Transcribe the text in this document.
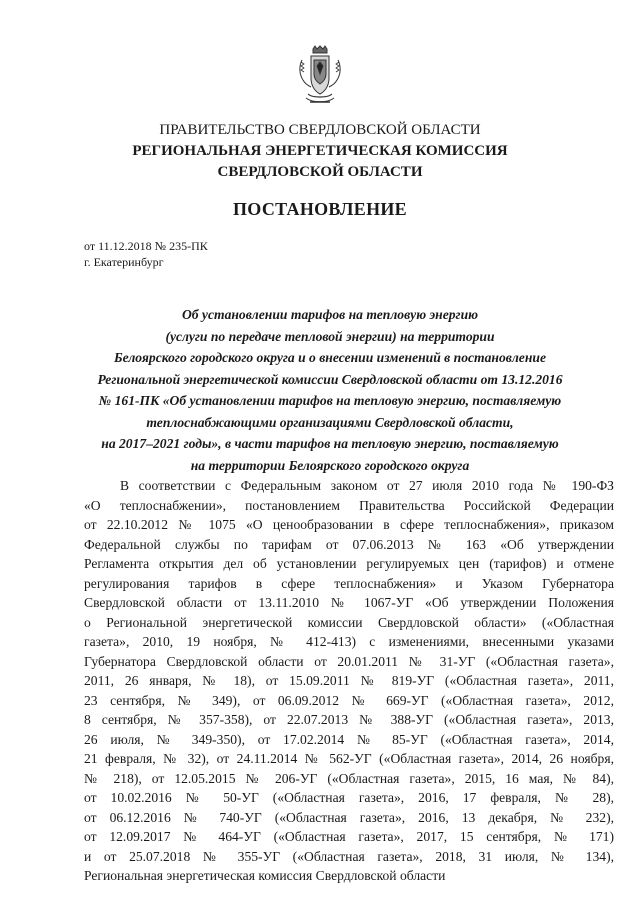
ПРАВИТЕЛЬСТВО СВЕРДЛОВСКОЙ ОБЛАСТИ
РЕГИОНАЛЬНАЯ ЭНЕРГЕТИЧЕСКАЯ КОМИССИЯ
СВЕРДЛОВСКОЙ ОБЛАСТИ
ПОСТАНОВЛЕНИЕ
от 11.12.2018 № 235-ПК
г. Екатеринбург
Об установлении тарифов на тепловую энергию
(услуги по передаче тепловой энергии) на территории
Белоярского городского округа и о внесении изменений в постановление
Региональной энергетической комиссии Свердловской области от 13.12.2016
№ 161-ПК «Об установлении тарифов на тепловую энергию, поставляемую
теплоснабжающими организациями Свердловской области,
на 2017–2021 годы», в части тарифов на тепловую энергию, поставляемую
на территории Белоярского городского округа
В соответствии с Федеральным законом от 27 июля 2010 года № 190-ФЗ
«О теплоснабжении», постановлением Правительства Российской Федерации
от 22.10.2012 № 1075 «О ценообразовании в сфере теплоснабжения», приказом
Федеральной службы по тарифам от 07.06.2013 № 163 «Об утверждении
Регламента открытия дел об установлении регулируемых цен (тарифов) и отмене
регулирования тарифов в сфере теплоснабжения» и Указом Губернатора
Свердловской области от 13.11.2010 № 1067-УГ «Об утверждении Положения
о Региональной энергетической комиссии Свердловской области» («Областная
газета», 2010, 19 ноября, № 412-413) с изменениями, внесенными указами
Губернатора Свердловской области от 20.01.2011 № 31-УГ («Областная газета»,
2011, 26 января, № 18), от 15.09.2011 № 819-УГ («Областная газета», 2011,
23 сентября, № 349), от 06.09.2012 № 669-УГ («Областная газета», 2012,
8 сентября, № 357-358), от 22.07.2013 № 388-УГ («Областная газета», 2013,
26 июля, № 349-350), от 17.02.2014 № 85-УГ («Областная газета», 2014,
21 февраля, № 32), от 24.11.2014 № 562-УГ («Областная газета», 2014, 26 ноября,
№ 218), от 12.05.2015 № 206-УГ («Областная газета», 2015, 16 мая, № 84),
от 10.02.2016 № 50-УГ («Областная газета», 2016, 17 февраля, № 28),
от 06.12.2016 № 740-УГ («Областная газета», 2016, 13 декабря, № 232),
от 12.09.2017 № 464-УГ («Областная газета», 2017, 15 сентября, № 171)
и от 25.07.2018 № 355-УГ («Областная газета», 2018, 31 июля, № 134),
Региональная энергетическая комиссия Свердловской области
